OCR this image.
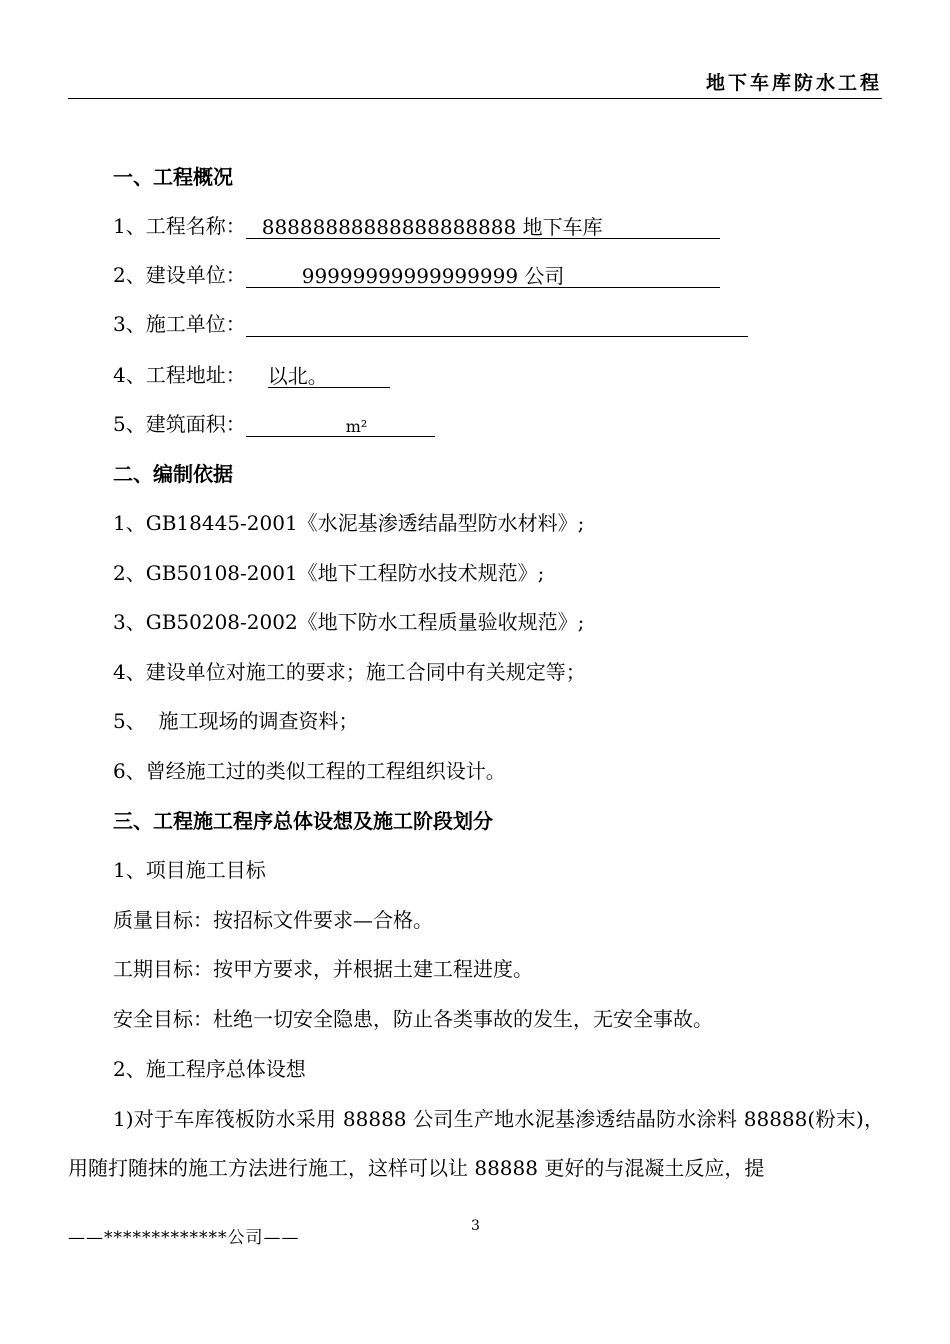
地下车库防水工程
一、工程概况
1、工程名称： 88888888888888888888 地下车库
2、建设单位：	99999999999999999 公司
3、施工单位：
4、工程地址： 以北。
5、建筑面积：	m²
二、编制依据
1、GB18445-2001《水泥基渗透结晶型防水材料》;
2、GB50108-2001《地下工程防水技术规范》;
3、GB50208-2002《地下防水工程质量验收规范》;
4、建设单位对施工的要求；施工合同中有关规定等；
5、  施工现场的调查资料；
6、曾经施工过的类似工程的工程组织设计。
三、工程施工程序总体设想及施工阶段划分
1、项目施工目标
质量目标：按招标文件要求—合格。
工期目标：按甲方要求，并根据土建工程进度。
安全目标：杜绝一切安全隐患，防止各类事故的发生，无安全事故。
2、施工程序总体设想
1)对于车库筏板防水采用 88888 公司生产地水泥基渗透结晶防水涂料 88888(粉末)，用随打随抹的施工方法进行施工，这样可以让 88888 更好的与混凝土反应，提
——*************公司——
3
